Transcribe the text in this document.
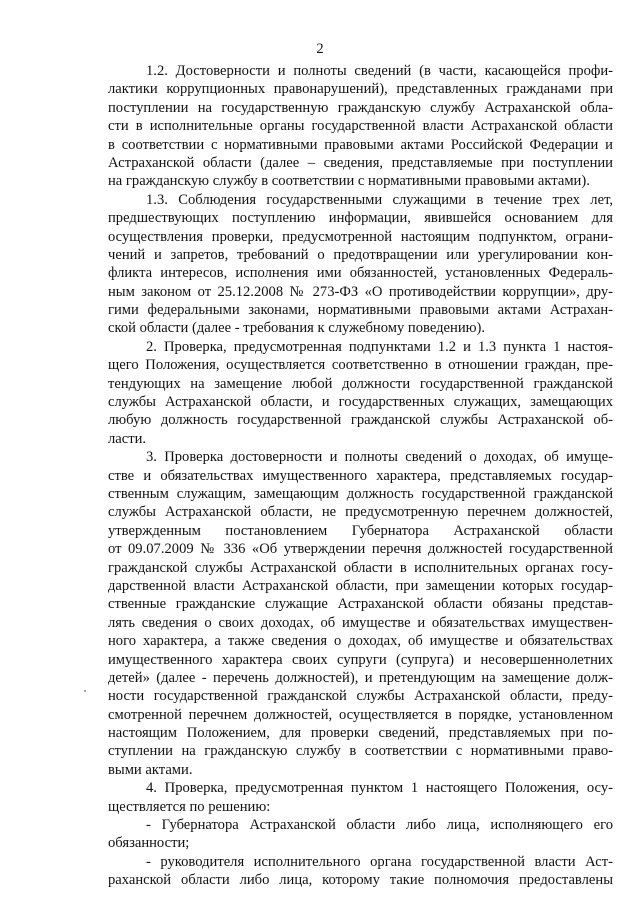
2
1.2. Достоверности и полноты сведений (в части, касающейся профи-
лактики коррупционных правонарушений), представленных гражданами при
поступлении на государственную гражданскую службу Астраханской обла-
сти в исполнительные органы государственной власти Астраханской области
в соответствии с нормативными правовыми актами Российской Федерации и
Астраханской области (далее – сведения, представляемые при поступлении
на гражданскую службу в соответствии с нормативными правовыми актами).
1.3. Соблюдения государственными служащими в течение трех лет,
предшествующих поступлению информации, явившейся основанием для
осуществления проверки, предусмотренной настоящим подпунктом, ограни-
чений и запретов, требований о предотвращении или урегулировании кон-
фликта интересов, исполнения ими обязанностей, установленных Федераль-
ным законом от 25.12.2008 № 273-ФЗ «О противодействии коррупции», дру-
гими федеральными законами, нормативными правовыми актами Астрахан-
ской области (далее - требования к служебному поведению).
2. Проверка, предусмотренная подпунктами 1.2 и 1.3 пункта 1 настоя-
щего Положения, осуществляется соответственно в отношении граждан, пре-
тендующих на замещение любой должности государственной гражданской
службы Астраханской области, и государственных служащих, замещающих
любую должность государственной гражданской службы Астраханской об-
ласти.
3. Проверка достоверности и полноты сведений о доходах, об имуще-
стве и обязательствах имущественного характера, представляемых государ-
ственным служащим, замещающим должность государственной гражданской
службы Астраханской области, не предусмотренную перечнем должностей,
утвержденным постановлением Губернатора Астраханской области
от 09.07.2009 № 336 «Об утверждении перечня должностей государственной
гражданской службы Астраханской области в исполнительных органах госу-
дарственной власти Астраханской области, при замещении которых государ-
ственные гражданские служащие Астраханской области обязаны представ-
лять сведения о своих доходах, об имуществе и обязательствах имуществен-
ного характера, а также сведения о доходах, об имуществе и обязательствах
имущественного характера своих супруги (супруга) и несовершеннолетних
детей» (далее - перечень должностей), и претендующим на замещение долж-
ности государственной гражданской службы Астраханской области, преду-
смотренной перечнем должностей, осуществляется в порядке, установленном
настоящим Положением, для проверки сведений, представляемых при по-
ступлении на гражданскую службу в соответствии с нормативными право-
выми актами.
4. Проверка, предусмотренная пунктом 1 настоящего Положения, осу-
ществляется по решению:
- Губернатора Астраханской области либо лица, исполняющего его
обязанности;
- руководителя исполнительного органа государственной власти Аст-
раханской области либо лица, которому такие полномочия предоставлены
